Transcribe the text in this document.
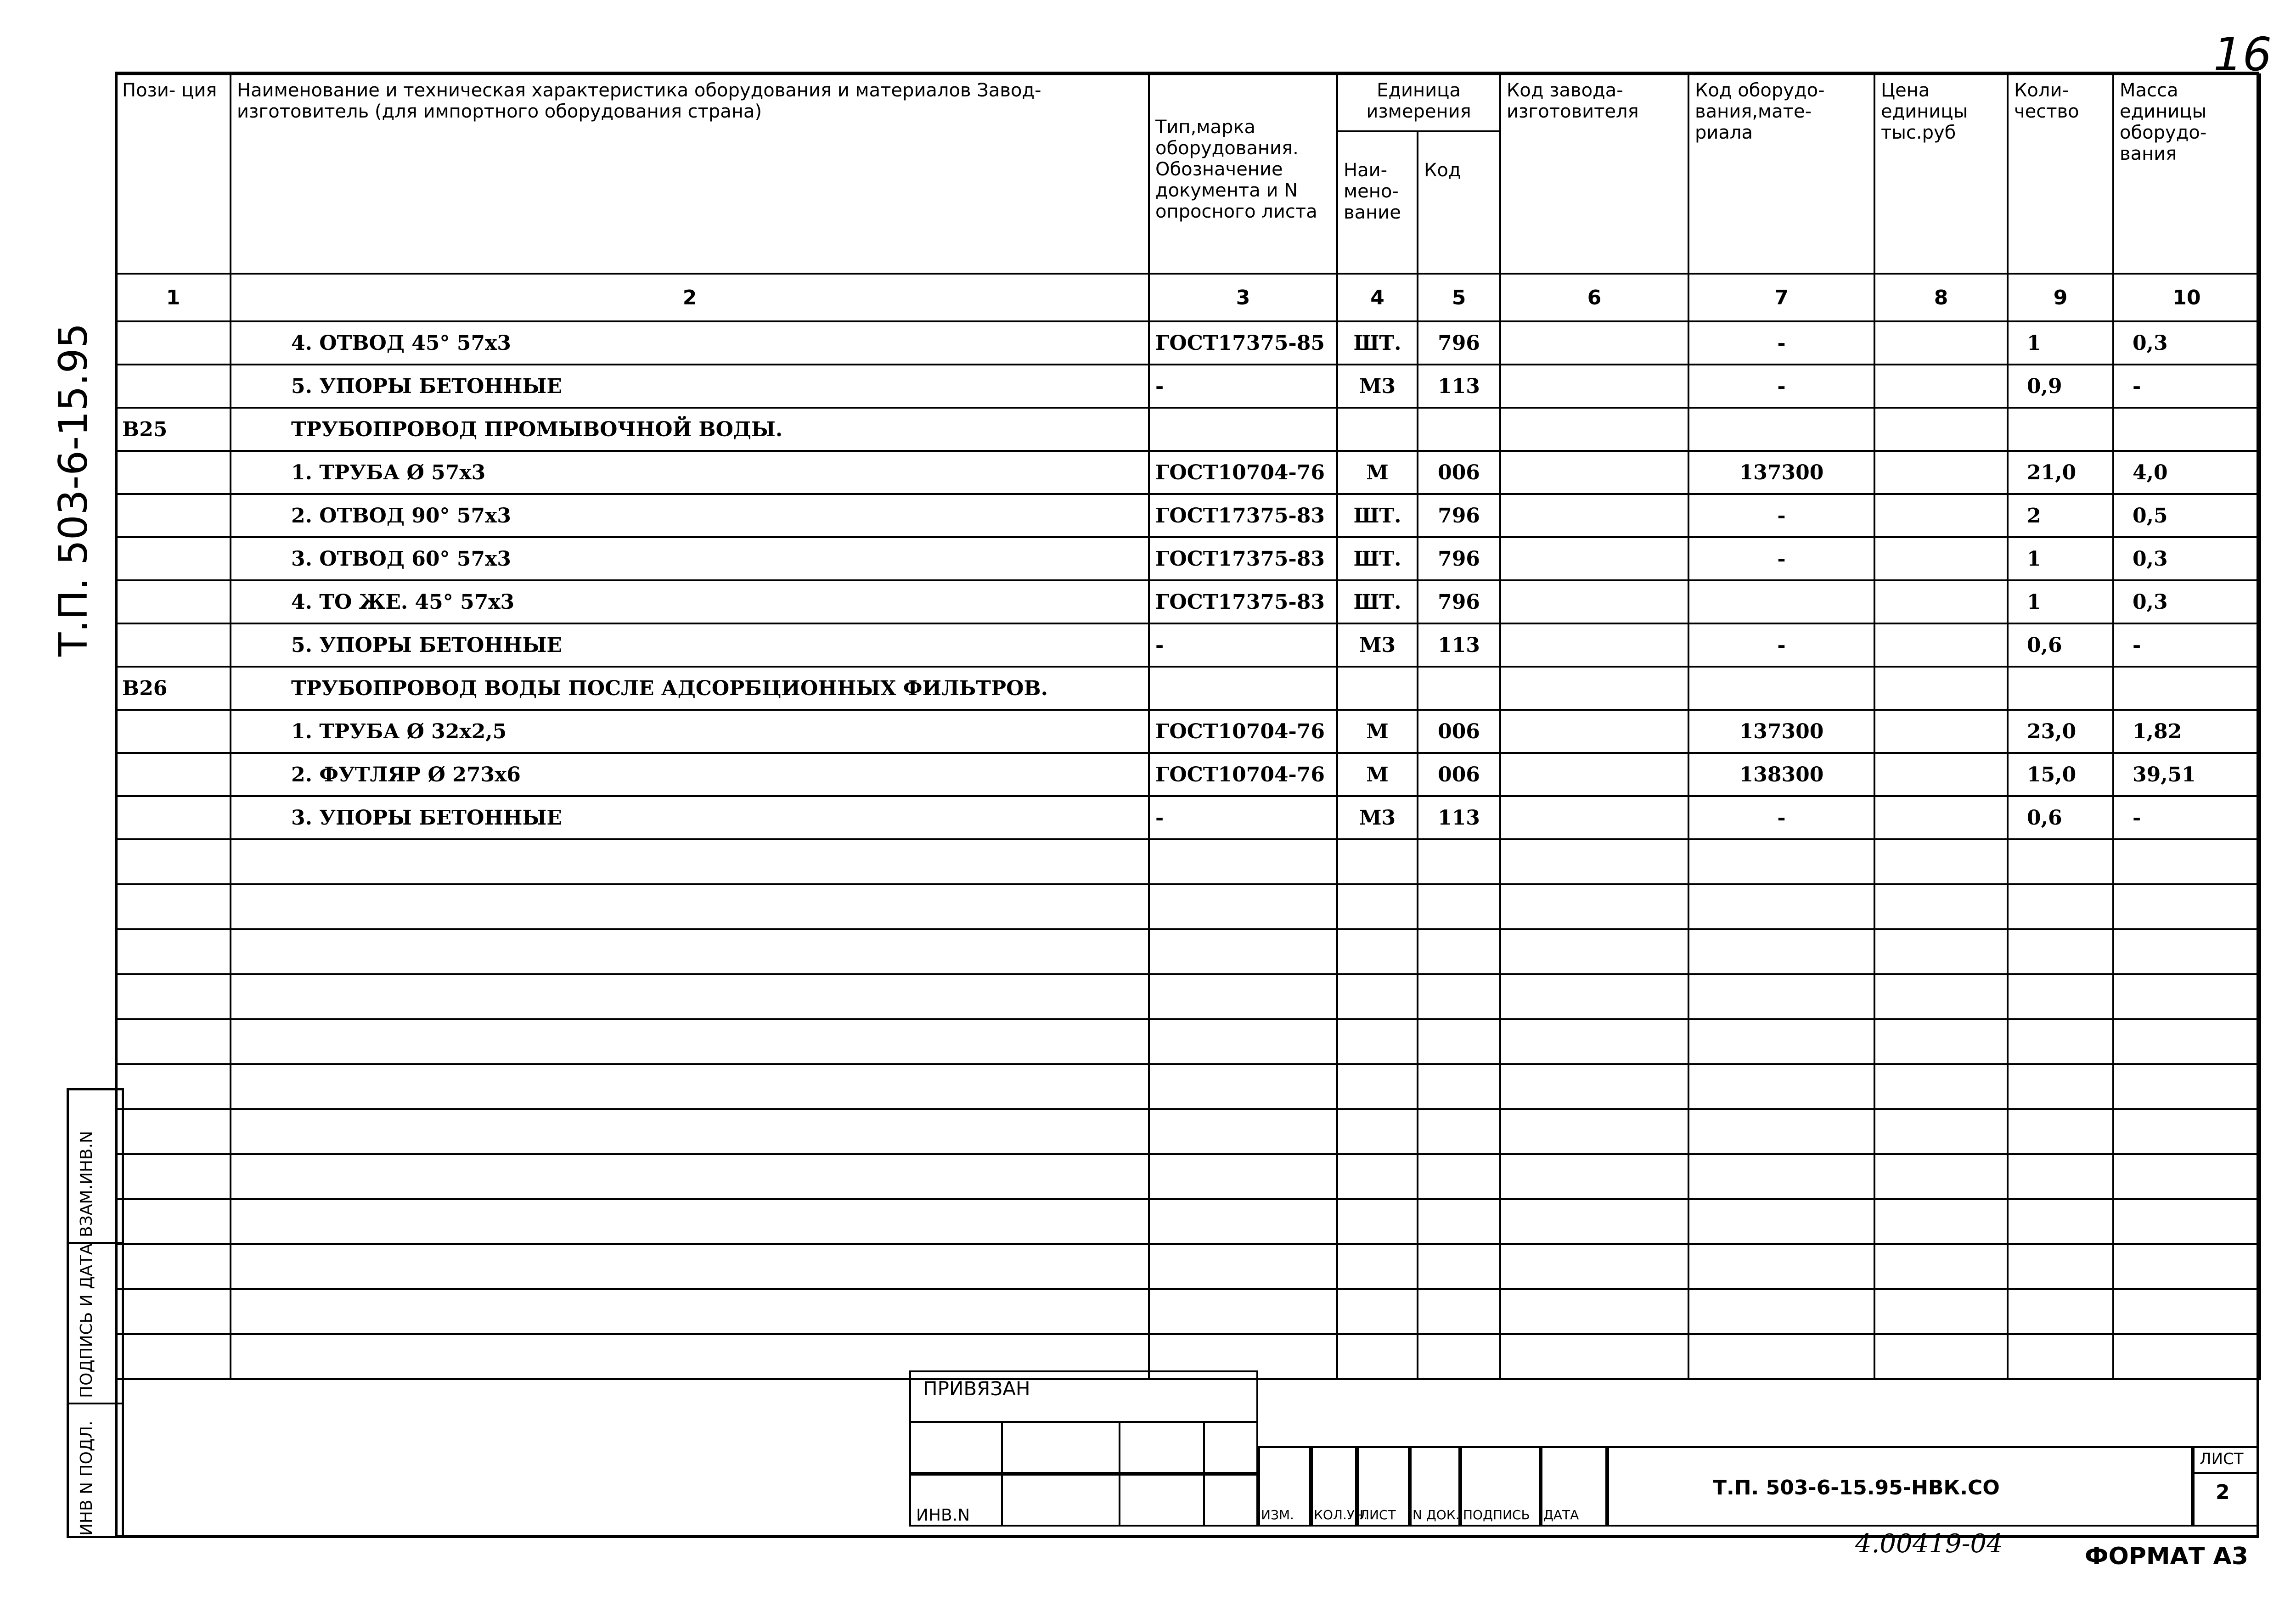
16
Т.П. 503-6-15.95
ВЗАМ.ИНВ.N
ПОДПИСЬ И ДАТА
ИНВ N ПОДЛ.
Пози- ция	Наименование и техническая характеристика оборудования и материалов Завод-изготовитель (для импортного оборудования страна)	Тип,марка оборудования. Обозначение документа и N опросного листа	Единица измерения		Код завода- изготовителя	Код оборудо- вания,мате- риала	Цена единицы тыс.руб	Коли- чество	Масса единицы оборудо- вания
			Наи- мено- вание	Код					
1	2	3	4	5	6	7	8	9	10
	4. ОТВОД 45° 57x3	ГОСТ17375-85	ШТ.	796		-		1	0,3
	5. УПОРЫ БЕТОННЫЕ	-	М3	113		-		0,9	-
В25	ТРУБОПРОВОД ПРОМЫВОЧНОЙ ВОДЫ.								
	1. ТРУБА Ø 57x3	ГОСТ10704-76	М	006		137300		21,0	4,0
	2. ОТВОД 90° 57x3	ГОСТ17375-83	ШТ.	796		-		2	0,5
	3. ОТВОД 60° 57x3	ГОСТ17375-83	ШТ.	796		-		1	0,3
	4. ТО ЖЕ. 45° 57x3	ГОСТ17375-83	ШТ.	796				1	0,3
	5. УПОРЫ БЕТОННЫЕ	-	М3	113		-		0,6	-
В26	ТРУБОПРОВОД ВОДЫ ПОСЛЕ АДСОРБЦИОННЫХ ФИЛЬТРОВ.								
	1. ТРУБА Ø 32x2,5	ГОСТ10704-76	М	006		137300		23,0	1,82
	2. ФУТЛЯР Ø 273x6	ГОСТ10704-76	М	006		138300		15,0	39,51
	3. УПОРЫ БЕТОННЫЕ	-	М3	113		-		0,6	-

ПРИВЯЗАН
ИНВ.N	ИЗМ. КОЛ.УЧ.
ЛИСТ N ДОК. ПОДПИСЬ ДАТА
Т.П. 503-6-15.95-НВК.СО
ЛИСТ
2
4.00419-04	ФОРМАТ А3
